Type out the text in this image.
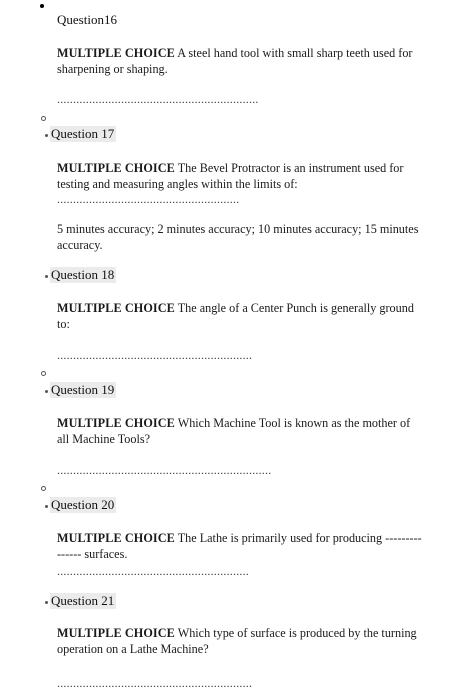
Question16
MULTIPLE CHOICE A steel hand tool with small sharp teeth used for sharpening or shaping.
...............................................................
Question 17
MULTIPLE CHOICE The Bevel Protractor is an instrument used for testing and measuring angles within the limits of:
.........................................................
5 minutes accuracy; 2 minutes accuracy; 10 minutes accuracy; 15 minutes accuracy.
Question 18
MULTIPLE CHOICE The angle of a Center Punch is generally ground to:
.............................................................
Question 19
MULTIPLE CHOICE Which Machine Tool is known as the mother of all Machine Tools?
...................................................................
Question 20
MULTIPLE CHOICE The Lathe is primarily used for producing --------------- surfaces.
............................................................
Question 21
MULTIPLE CHOICE Which type of surface is produced by the turning operation on a Lathe Machine?
.............................................................
